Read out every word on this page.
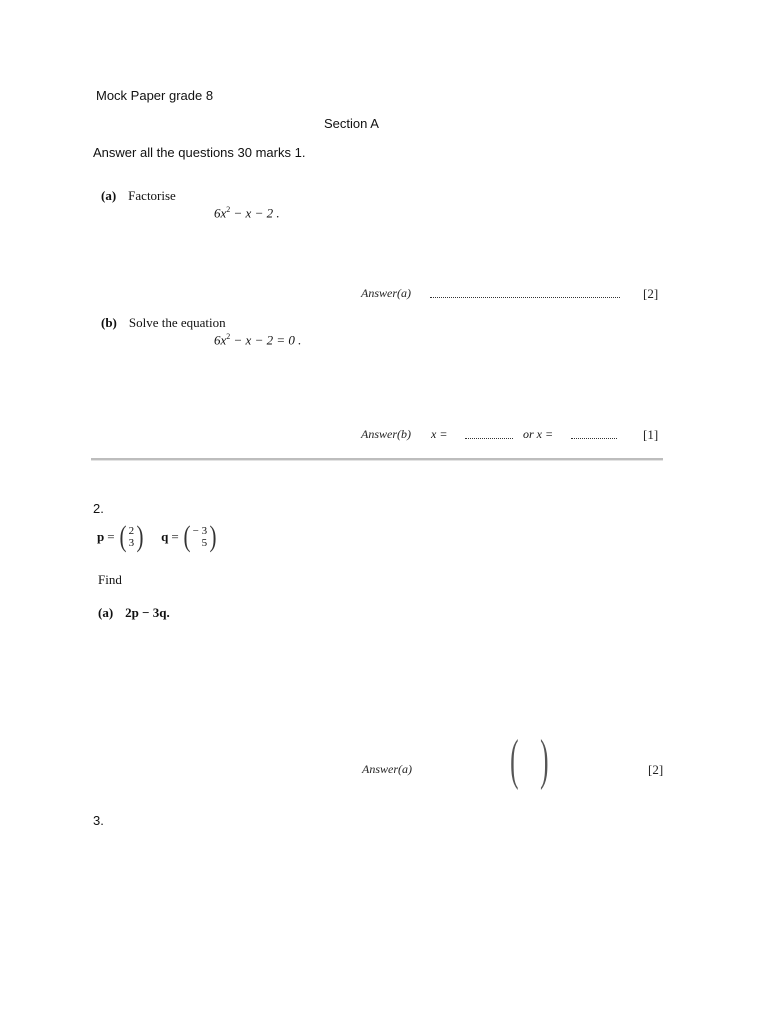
Mock Paper grade 8
Section A
Answer all the questions 30 marks 1.
(a) Factorise
$6x^2 - x - 2$ .
Answer(a)	[2]
(b) Solve the equation
$6x^2 - x - 2 = 0$ .
Answer(b) x =	or x =	[1]
2.
p = ( 2
3 ) q = ( − 3
5 )
Find
(a) 2p − 3q.
Answer(a) ( )	[2]
3.
